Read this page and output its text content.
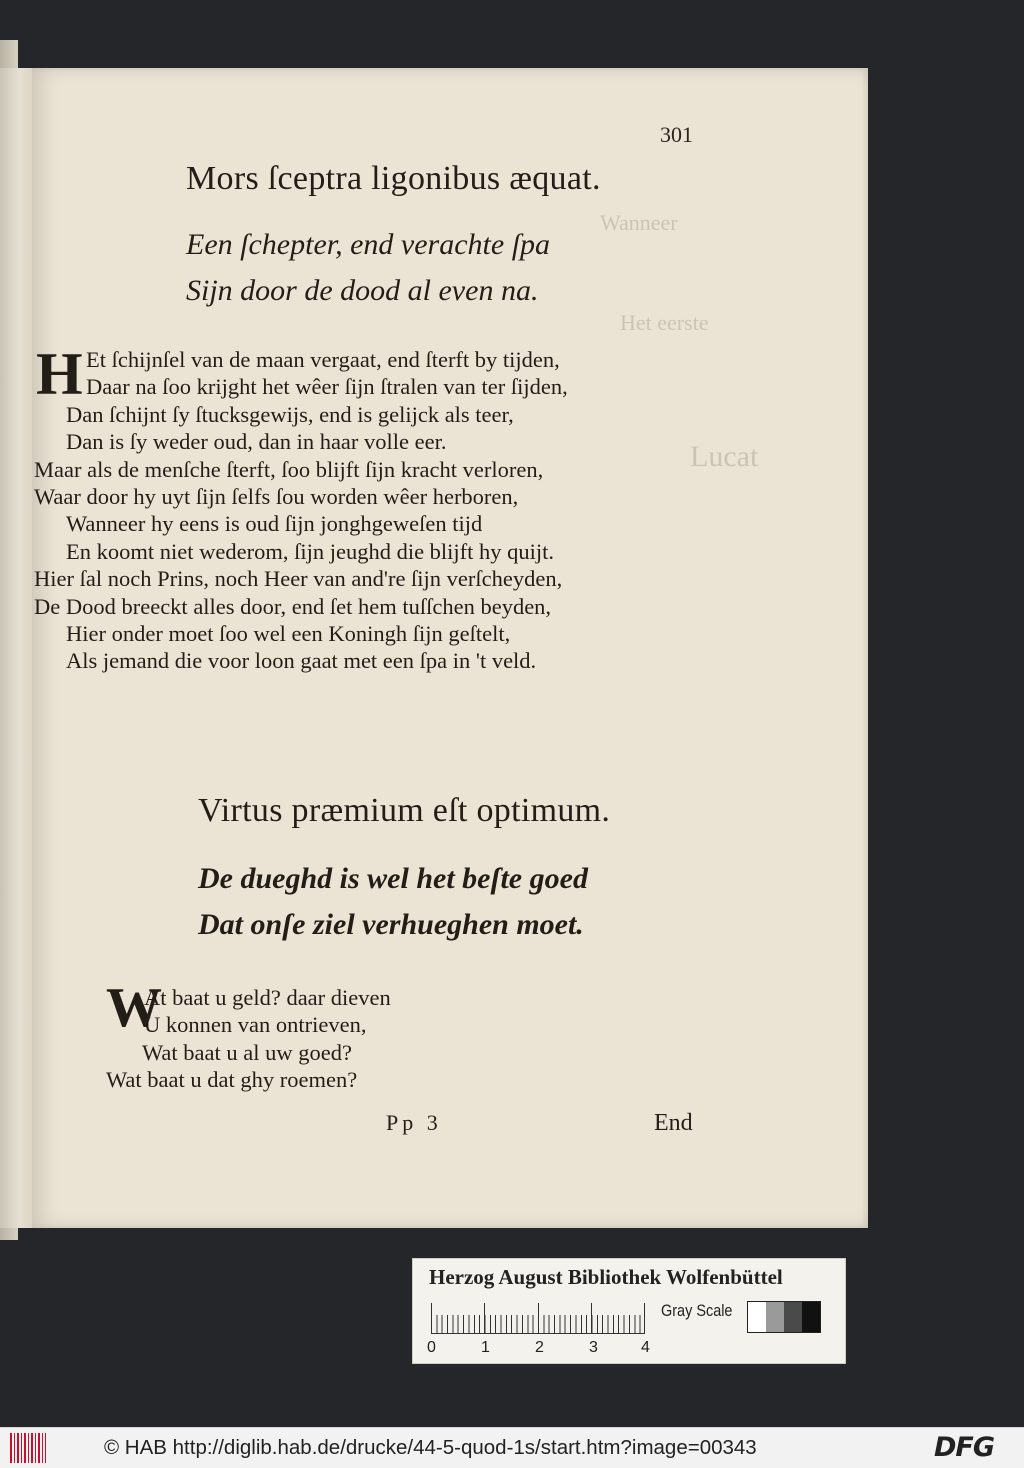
Wanneer
Het eerste
Lucat
301
Mors ſceptra ligonibus æquat.
Een ſchepter, end verachte ſpa
Sijn door de dood al even na.
H Et ſchijnſel van de maan vergaat, end ſterft by tijden,
Daar na ſoo krijght het wêer ſijn ſtralen van ter ſijden,
Dan ſchijnt ſy ſtucksgewijs, end is gelijck als teer,
Dan is ſy weder oud, dan in haar volle eer.
Maar als de menſche ſterft, ſoo blijft ſijn kracht verloren,
Waar door hy uyt ſijn ſelfs ſou worden wêer herboren,
Wanneer hy eens is oud ſijn jonghgeweſen tijd
En koomt niet wederom, ſijn jeughd die blijft hy quijt.
Hier ſal noch Prins, noch Heer van and're ſijn verſcheyden,
De Dood breeckt alles door, end ſet hem tuſſchen beyden,
Hier onder moet ſoo wel een Koningh ſijn geſtelt,
Als jemand die voor loon gaat met een ſpa in 't veld.
Virtus præmium eſt optimum.
De dueghd is wel het beſte goed
Dat onſe ziel verhueghen moet.
W
At baat u geld? daar dieven
U konnen van ontrieven,
Wat baat u al uw goed?
Wat baat u dat ghy roemen?
Pp 3	End
Herzog August Bibliothek Wolfenbüttel
0	1	2	3	4
Gray Scale
© HAB http://diglib.hab.de/drucke/44-5-quod-1s/start.htm?image=00343	DFG
